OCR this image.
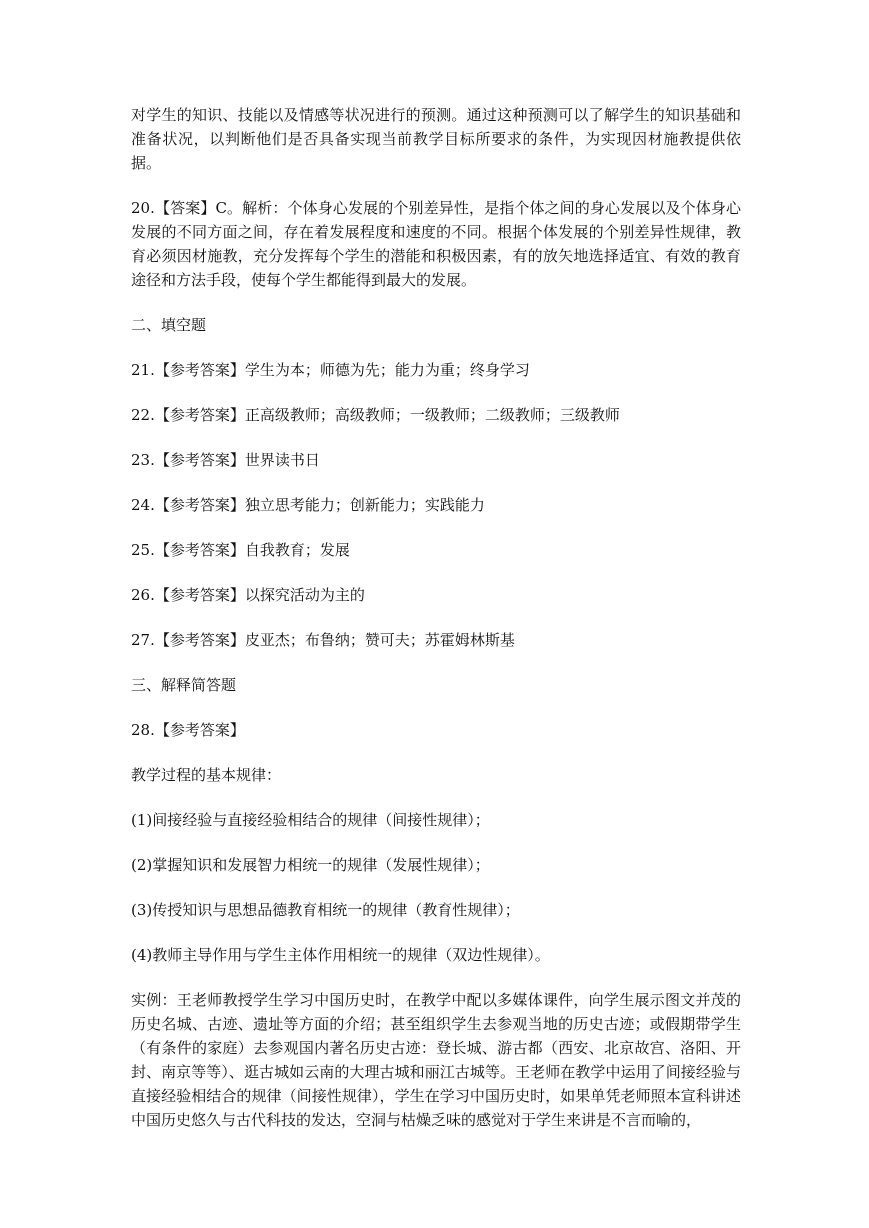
对学生的知识、技能以及情感等状况进行的预测。通过这种预测可以了解学生的知识基础和准备状况，以判断他们是否具备实现当前教学目标所要求的条件，为实现因材施教提供依据。

20.【答案】C。解析：个体身心发展的个别差异性，是指个体之间的身心发展以及个体身心发展的不同方面之间，存在着发展程度和速度的不同。根据个体发展的个别差异性规律，教育必须因材施教，充分发挥每个学生的潜能和积极因素，有的放矢地选择适宜、有效的教育途径和方法手段，使每个学生都能得到最大的发展。

二、填空题

21.【参考答案】学生为本；师德为先；能力为重；终身学习

22.【参考答案】正高级教师；高级教师；一级教师；二级教师；三级教师

23.【参考答案】世界读书日

24.【参考答案】独立思考能力；创新能力；实践能力

25.【参考答案】自我教育；发展

26.【参考答案】以探究活动为主的

27.【参考答案】皮亚杰；布鲁纳；赞可夫；苏霍姆林斯基

三、解释简答题

28.【参考答案】

教学过程的基本规律：

(1)间接经验与直接经验相结合的规律（间接性规律）；

(2)掌握知识和发展智力相统一的规律（发展性规律）；

(3)传授知识与思想品德教育相统一的规律（教育性规律）；

(4)教师主导作用与学生主体作用相统一的规律（双边性规律）。

实例：王老师教授学生学习中国历史时，在教学中配以多媒体课件，向学生展示图文并茂的历史名城、古迹、遗址等方面的介绍；甚至组织学生去参观当地的历史古迹；或假期带学生（有条件的家庭）去参观国内著名历史古迹：登长城、游古都（西安、北京故宫、洛阳、开封、南京等等）、逛古城如云南的大理古城和丽江古城等。王老师在教学中运用了间接经验与直接经验相结合的规律（间接性规律），学生在学习中国历史时，如果单凭老师照本宣科讲述中国历史悠久与古代科技的发达，空洞与枯燥乏味的感觉对于学生来讲是不言而喻的，
